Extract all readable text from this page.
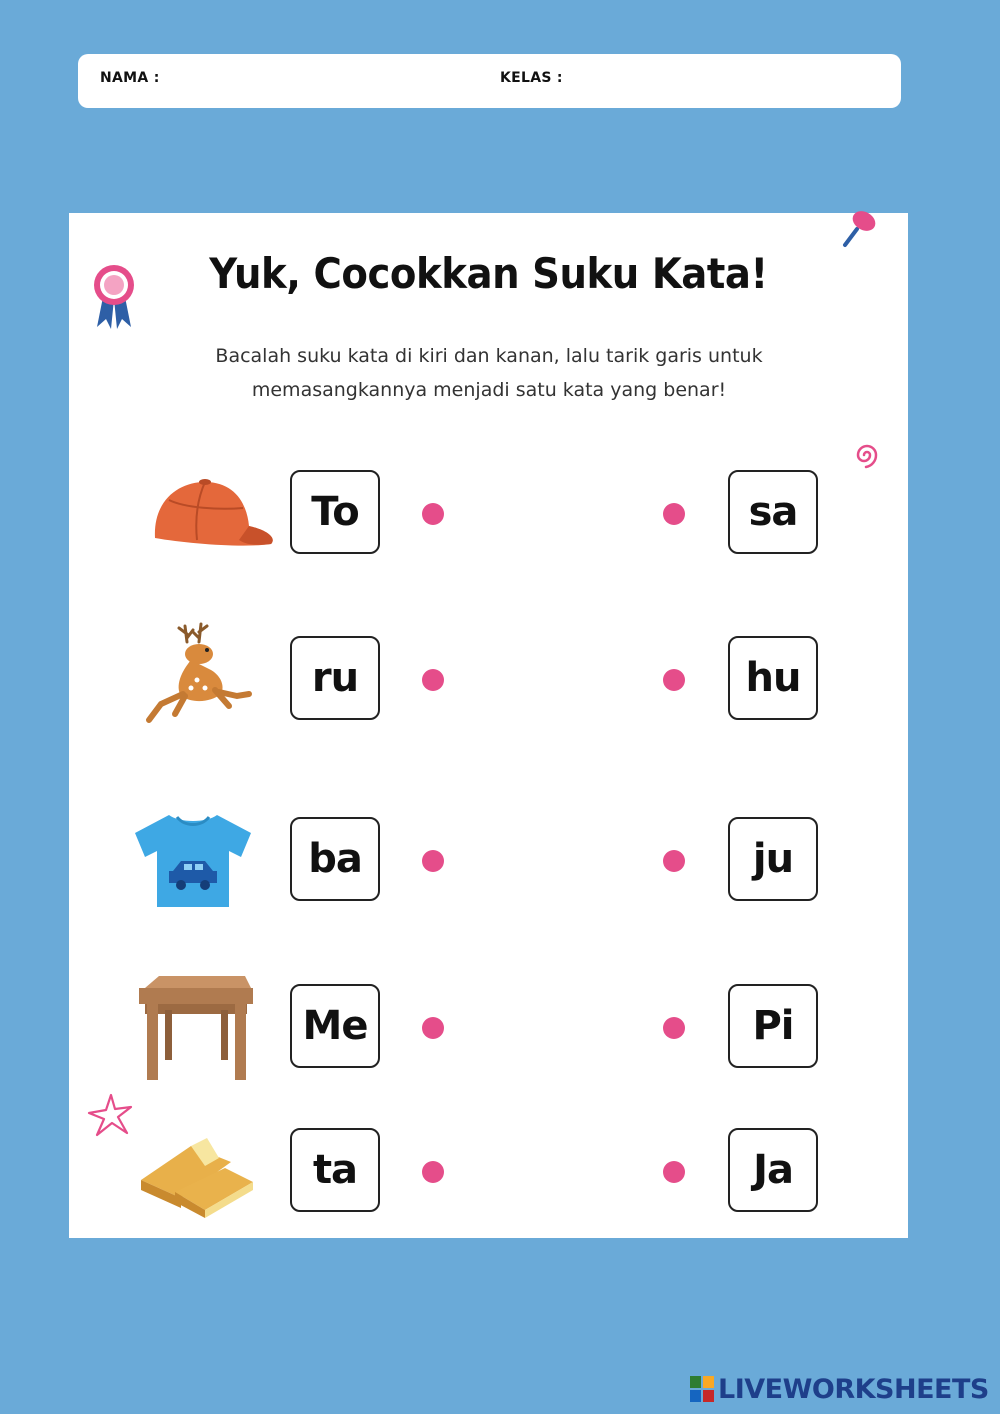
NAMA :	KELAS :
Yuk, Cocokkan Suku Kata!
Bacalah suku kata di kiri dan kanan, lalu tarik garis untuk
memasangkannya menjadi satu kata yang benar!
To	sa
ru	hu
ba	ju
Me	Pi
ta	Ja
LIVEWORKSHEETS
